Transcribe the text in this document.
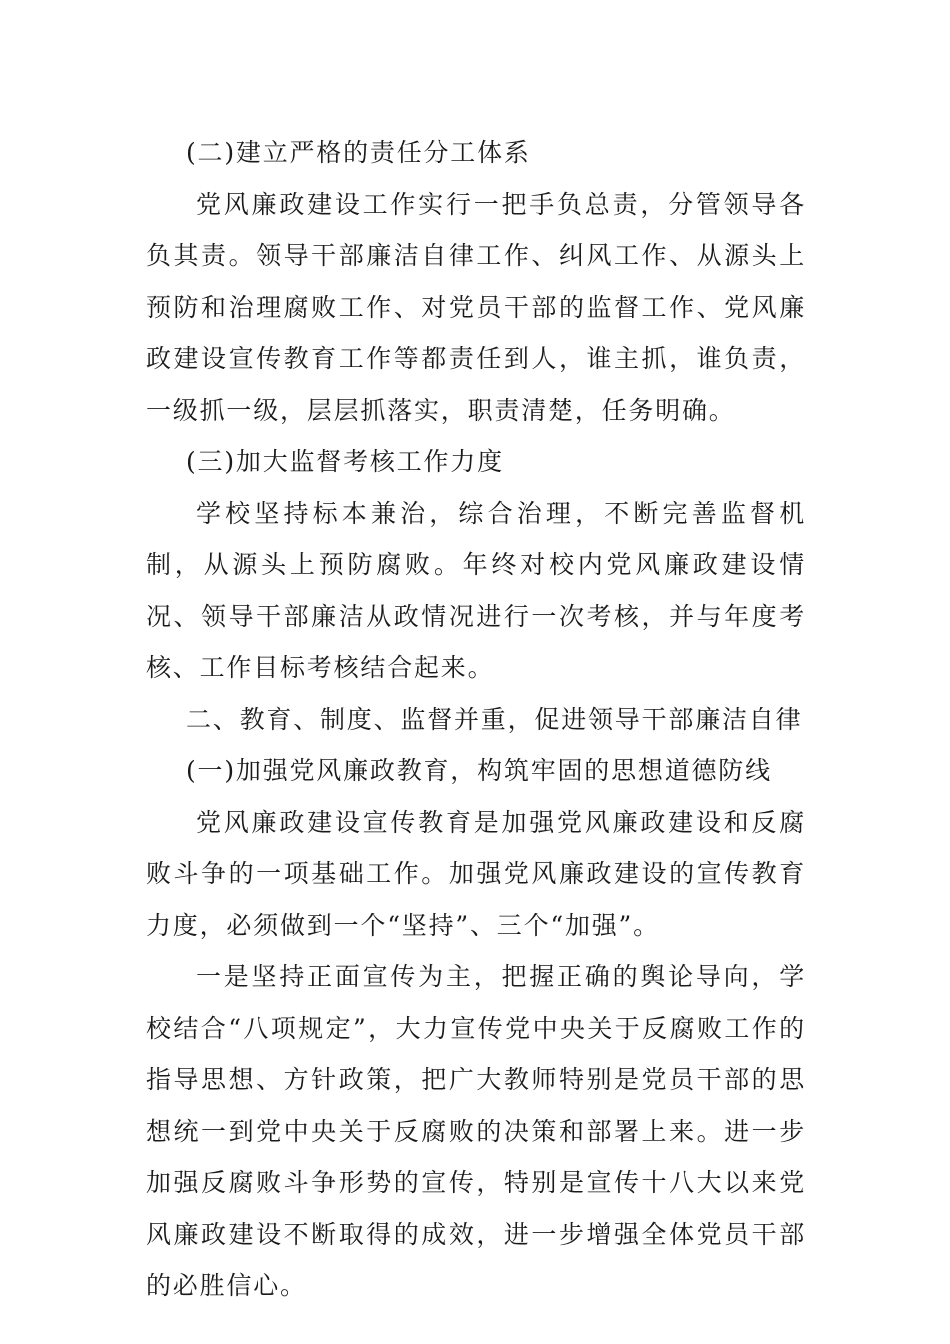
(二)建立严格的责任分工体系

党风廉政建设工作实行一把手负总责，分管领导各负其责。领导干部廉洁自律工作、纠风工作、从源头上预防和治理腐败工作、对党员干部的监督工作、党风廉政建设宣传教育工作等都责任到人，谁主抓，谁负责，一级抓一级，层层抓落实，职责清楚，任务明确。

(三)加大监督考核工作力度

学校坚持标本兼治，综合治理，不断完善监督机制，从源头上预防腐败。年终对校内党风廉政建设情况、领导干部廉洁从政情况进行一次考核，并与年度考核、工作目标考核结合起来。

二、教育、制度、监督并重，促进领导干部廉洁自律

(一)加强党风廉政教育，构筑牢固的思想道德防线

党风廉政建设宣传教育是加强党风廉政建设和反腐败斗争的一项基础工作。加强党风廉政建设的宣传教育力度，必须做到一个“坚持”、三个“加强”。

一是坚持正面宣传为主，把握正确的舆论导向，学校结合“八项规定”，大力宣传党中央关于反腐败工作的指导思想、方针政策，把广大教师特别是党员干部的思想统一到党中央关于反腐败的决策和部署上来。进一步加强反腐败斗争形势的宣传，特别是宣传十八大以来党风廉政建设不断取得的成效，进一步增强全体党员干部的必胜信心。
